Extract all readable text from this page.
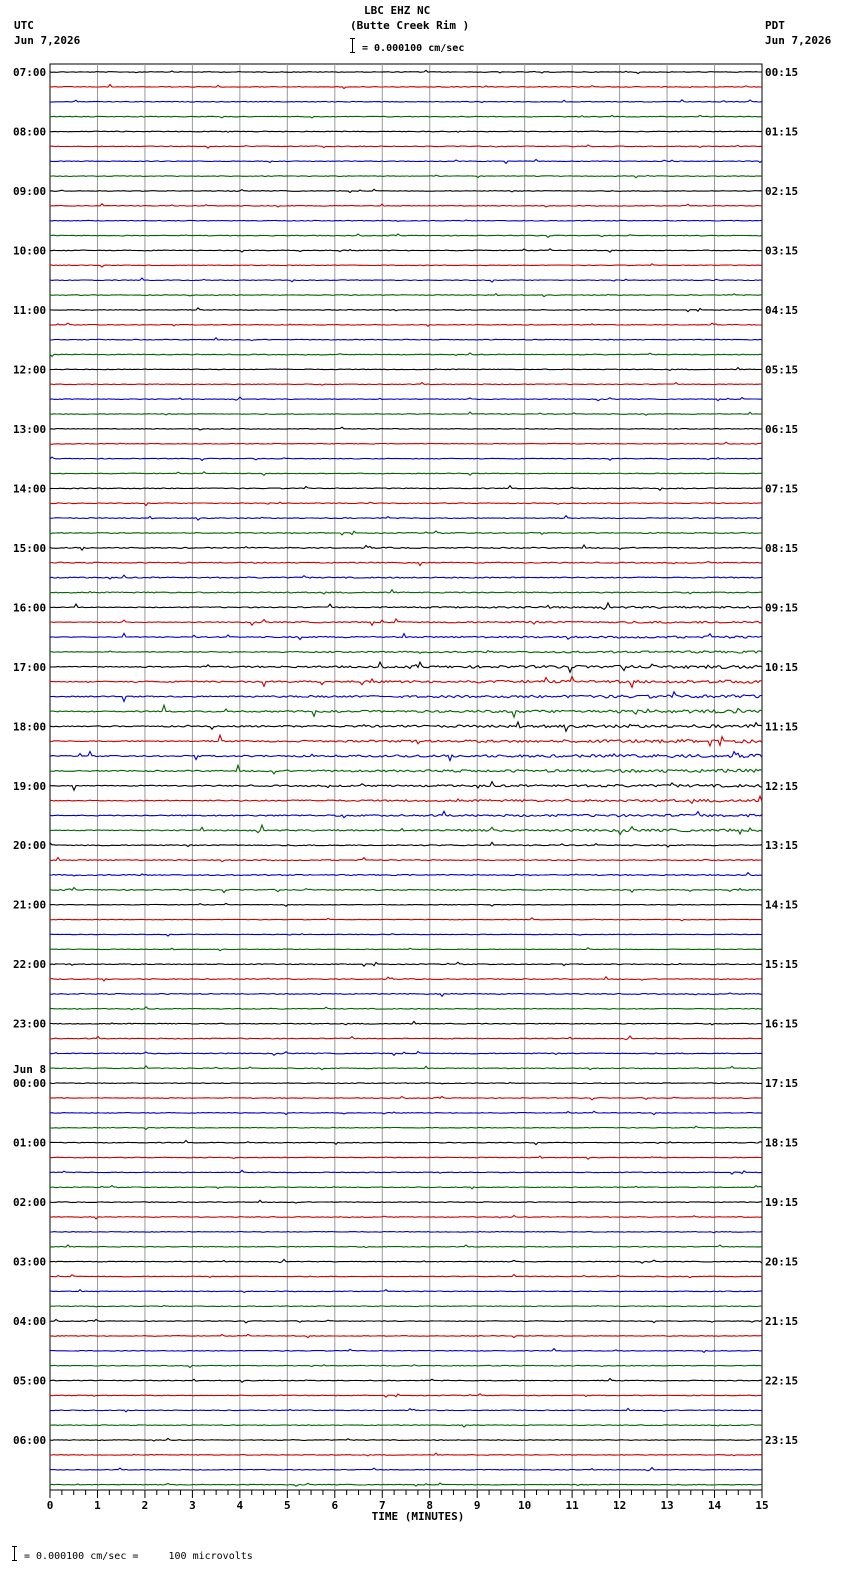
LBC EHZ NC
(Butte Creek Rim )
= 0.000100 cm/sec
UTC
Jun 7,2026
PDT
Jun 7,2026
0	1	2	3	4	5	6	7	8	9	10	11	12	13	14	15
07:00	00:15
08:00	01:15
09:00	02:15
10:00	03:15
11:00	04:15
12:00	05:15
13:00	06:15
14:00	07:15
15:00	08:15
16:00	09:15
17:00	10:15
18:00	11:15
19:00	12:15
20:00	13:15
21:00	14:15
22:00	15:15
23:00	16:15
00:00	17:15
Jun 8
01:00	18:15
02:00	19:15
03:00	20:15
04:00	21:15
05:00	22:15
06:00	23:15
TIME (MINUTES)
= 0.000100 cm/sec =     100 microvolts
